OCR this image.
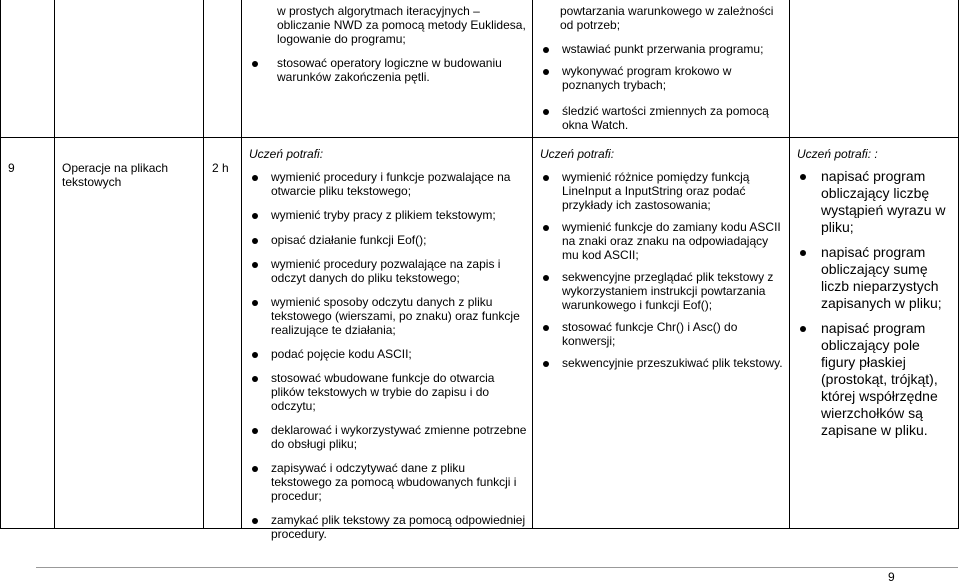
w prostych algorytmach iteracyjnych – obliczanie NWD za pomocą metody Euklidesa, logowanie do programu;
stosować operatory logiczne w budowaniu warunków zakończenia pętli.

powtarzania warunkowego w zależności od potrzeb;

wstawiać punkt przerwania programu;
wykonywać program krokowo w poznanych trybach;
śledzić wartości zmiennych za pomocą okna Watch.
9	Operacje na plikach tekstowych
2 h

Uczeń potrafi:

wymienić procedury i funkcje pozwalające na otwarcie pliku tekstowego;
wymienić tryby pracy z plikiem tekstowym;
opisać działanie funkcji Eof();
wymienić procedury pozwalające na zapis i odczyt danych do pliku tekstowego;
wymienić sposoby odczytu danych z pliku tekstowego (wierszami, po znaku) oraz funkcje realizujące te działania;
podać pojęcie kodu ASCII;
stosować wbudowane funkcje do otwarcia plików tekstowych w trybie do zapisu i do odczytu;
deklarować i wykorzystywać zmienne potrzebne do obsługi pliku;
zapisywać i odczytywać dane z pliku tekstowego za pomocą wbudowanych funkcji i procedur;
zamykać plik tekstowy za pomocą odpowiedniej procedury.

Uczeń potrafi:

wymienić różnice pomiędzy funkcją LineInput a InputString oraz podać przykłady ich zastosowania;
wymienić funkcje do zamiany kodu ASCII na znaki oraz znaku na odpowiadający mu kod ASCII;
sekwencyjne przeglądać plik tekstowy z wykorzystaniem instrukcji powtarzania warunkowego i funkcji Eof();
stosować funkcje Chr() i Asc() do konwersji;
sekwencyjnie przeszukiwać plik tekstowy.

Uczeń potrafi: :

napisać program obliczający liczbę wystąpień wyrazu w pliku;
napisać program obliczający sumę liczb nieparzystych zapisanych w pliku;
napisać program obliczający pole figury płaskiej (prostokąt, trójkąt), której współrzędne wierzchołków są zapisane w pliku.
9
